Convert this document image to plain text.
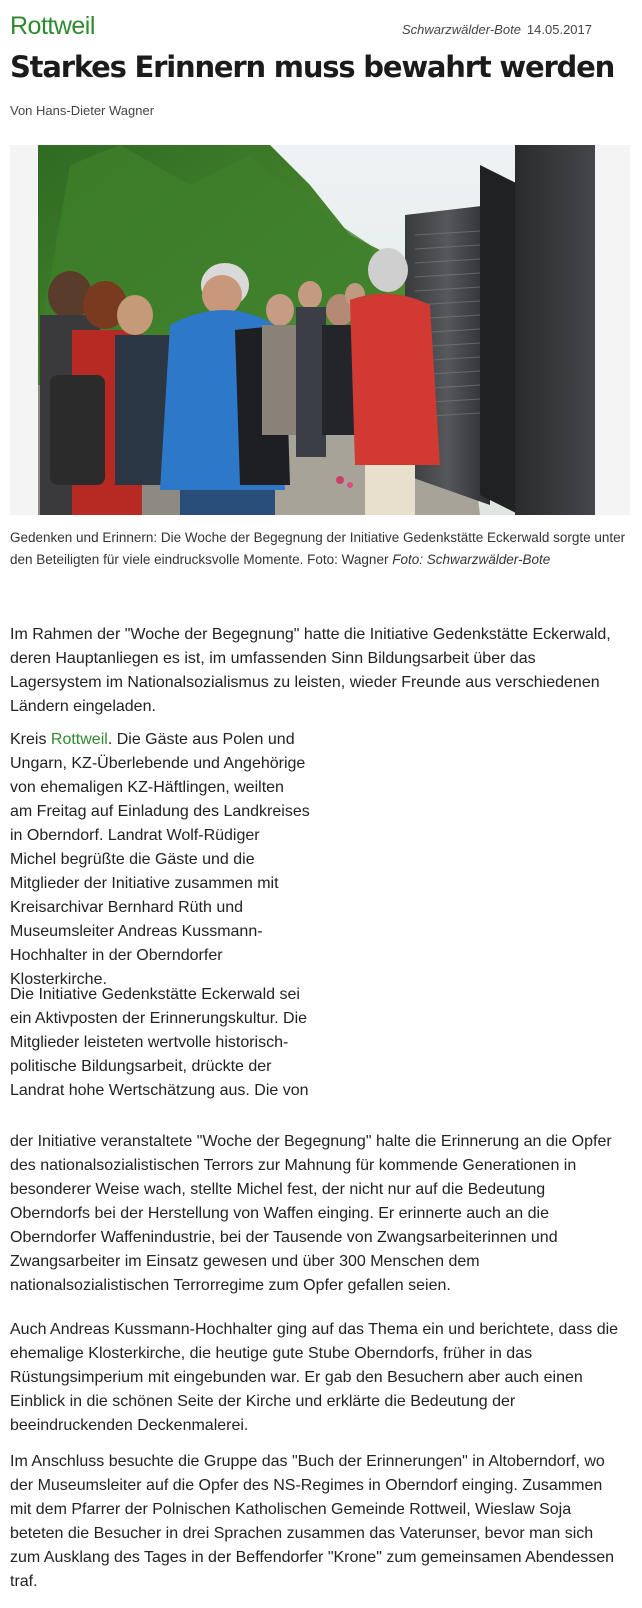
Rottweil	Schwarzwälder-Bote 14.05.2017
Starkes Erinnern muss bewahrt werden
Von Hans-Dieter Wagner
Gedenken und Erinnern: Die Woche der Begegnung der Initiative Gedenkstätte Eckerwald sorgte unter den Beteiligten für viele eindrucksvolle Momente. Foto: Wagner Foto: Schwarzwälder-Bote

Im Rahmen der "Woche der Begegnung" hatte die Initiative Gedenkstätte Eckerwald, deren Hauptanliegen es ist, im umfassenden Sinn Bildungsarbeit über das Lagersystem im Nationalsozialismus zu leisten, wieder Freunde aus verschiedenen Ländern eingeladen.

Kreis Rottweil. Die Gäste aus Polen und Ungarn, KZ-Überlebende und Angehörige von ehemaligen KZ-Häftlingen, weilten am Freitag auf Einladung des Landkreises in Oberndorf. Landrat Wolf-Rüdiger Michel begrüßte die Gäste und die Mitglieder der Initiative zusammen mit Kreisarchivar Bernhard Rüth und Museumsleiter Andreas Kussmann-Hochhalter in der Oberndorfer Klosterkirche.

Die Initiative Gedenkstätte Eckerwald sei ein Aktivposten der Erinnerungskultur. Die Mitglieder leisteten wertvolle historisch-politische Bildungsarbeit, drückte der Landrat hohe Wertschätzung aus. Die von

der Initiative veranstaltete "Woche der Begegnung" halte die Erinnerung an die Opfer des nationalsozialistischen Terrors zur Mahnung für kommende Generationen in besonderer Weise wach, stellte Michel fest, der nicht nur auf die Bedeutung Oberndorfs bei der Herstellung von Waffen einging. Er erinnerte auch an die Oberndorfer Waffenindustrie, bei der Tausende von Zwangsarbeiterinnen und Zwangsarbeiter im Einsatz gewesen und über 300 Menschen dem nationalsozialistischen Terrorregime zum Opfer gefallen seien.

Auch Andreas Kussmann-Hochhalter ging auf das Thema ein und berichtete, dass die ehemalige Klosterkirche, die heutige gute Stube Oberndorfs, früher in das Rüstungsimperium mit eingebunden war. Er gab den Besuchern aber auch einen Einblick in die schönen Seite der Kirche und erklärte die Bedeutung der beeindruckenden Deckenmalerei.

Im Anschluss besuchte die Gruppe das "Buch der Erinnerungen" in Altoberndorf, wo der Museumsleiter auf die Opfer des NS-Regimes in Oberndorf einging. Zusammen mit dem Pfarrer der Polnischen Katholischen Gemeinde Rottweil, Wieslaw Soja beteten die Besucher in drei Sprachen zusammen das Vaterunser, bevor man sich zum Ausklang des Tages in der Beffendorfer "Krone" zum gemeinsamen Abendessen traf.
